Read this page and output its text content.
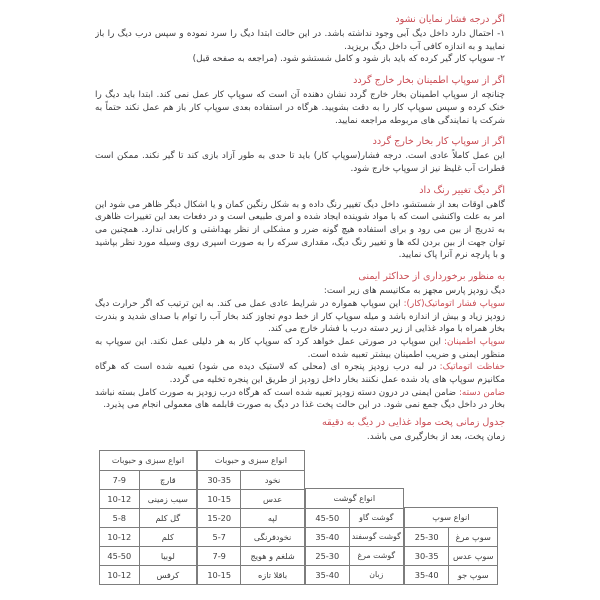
اگر درجه فشار نمایان نشود

۱- احتمال دارد داخل دیگ آبی وجود نداشته باشد. در این حالت ابتدا دیگ را سرد نموده و سپس درب دیگ را باز نمایید و به اندازه کافی آب داخل دیگ بریزید.

۲- سوپاپ کار گیر کرده که باید باز شود و کامل شستشو شود. (مراجعه به صفحه قبل)

اگر از سوپاپ اطمینان بخار خارج گردد

چنانچه از سوپاپ اطمینان بخار خارج گردد نشان دهنده آن است که سوپاپ کار عمل نمی کند. ابتدا باید دیگ را خنک کرده و سپس سوپاپ کار را به دقت بشویید. هرگاه در استفاده بعدی سوپاپ کار باز هم عمل نکند حتماً به شرکت یا نمایندگی های مربوطه مراجعه نمایید.

اگر از سوپاپ کار بخار خارج گردد

این عمل کاملاً عادی است. درجه فشار(سوپاپ کار) باید تا حدی به طور آزاد بازی کند تا گیر نکند. ممکن است قطرات آب غلیظ نیز از سوپاپ خارج شود.

اگر دیگ تغییر رنگ داد

گاهی اوقات بعد از شستشو، داخل دیگ تغییر رنگ داده و به شکل رنگین کمان و یا اشکال دیگر ظاهر می شود این امر به علت واکنشی است که با مواد شوینده ایجاد شده و امری طبیعی است و در دفعات بعد این تغییرات ظاهری به تدریج از بین می رود و برای استفاده هیچ گونه ضرر و مشکلی از نظر بهداشتی و کارایی ندارد. همچنین می توان جهت از بین بردن لکه ها و تغییر رنگ دیگ، مقداری سرکه را به صورت اسپری روی وسیله مورد نظر بپاشید و با پارچه نرم آنرا پاک نمایید.

به منظور برخورداری از حداکثر ایمنی

دیگ زودپز پارس مجهز به مکانیسم های زیر است:

سوپاپ فشار اتوماتیک(کار):این سوپاپ همواره در شرایط عادی عمل می کند. به این ترتیب که اگر حرارت دیگ زودپز زیاد و بیش از اندازه باشد و میله سوپاپ کار از خط دوم تجاوز کند بخار آب را توام با صدای شدید و بندرت بخار همراه با مواد غذایی از زیر دسته درب با فشار خارج می کند.

سوپاپ اطمینان:این سوپاپ در صورتی عمل خواهد کرد که سوپاپ کار به هر دلیلی عمل نکند. این سوپاپ به منظور ایمنی و ضریب اطمینان بیشتر تعبیه شده است.

حفاظت اتوماتیک:در لبه درب زودپز پنجره ای (محلی که لاستیک دیده می شود) تعبیه شده است که هرگاه مکانیزم سوپاپ های یاد شده عمل نکنند بخار داخل زودپز از طریق این پنجره تخلیه می گردد.

ضامن دسته:ضامن ایمنی در درون دسته زودپز تعبیه شده است که هرگاه درب زودپز به صورت کامل بسته نباشد بخار در داخل دیگ جمع نمی شود. در این حالت پخت غذا در دیگ به صورت قابلمه های معمولی انجام می پذیرد.

جدول زمانی پخت مواد غذایی در دیگ به دقیقه

زمان پخت، بعد از بخارگیری می باشد.

انواع سوپ	
سوپ مرغ	25-30
سوپ عدس	30-35
سوپ جو	35-40
انواع گوشت	
گوشت گاو	45-50
گوشت گوسفند	35-40
گوشت مرغ	25-30
زبان	35-40
انواع سبزی و حبوبات	
نخود	30-35
عدس	10-15
لپه	15-20
نخودفرنگی	5-7
شلغم و هویج	7-9
باقلا تازه	10-15
انواع سبزی و حبوبات	
قارچ	7-9
سیب زمینی	10-12
گل کلم	5-8
کلم	10-12
لوبیا	45-50
کرفس	10-12
